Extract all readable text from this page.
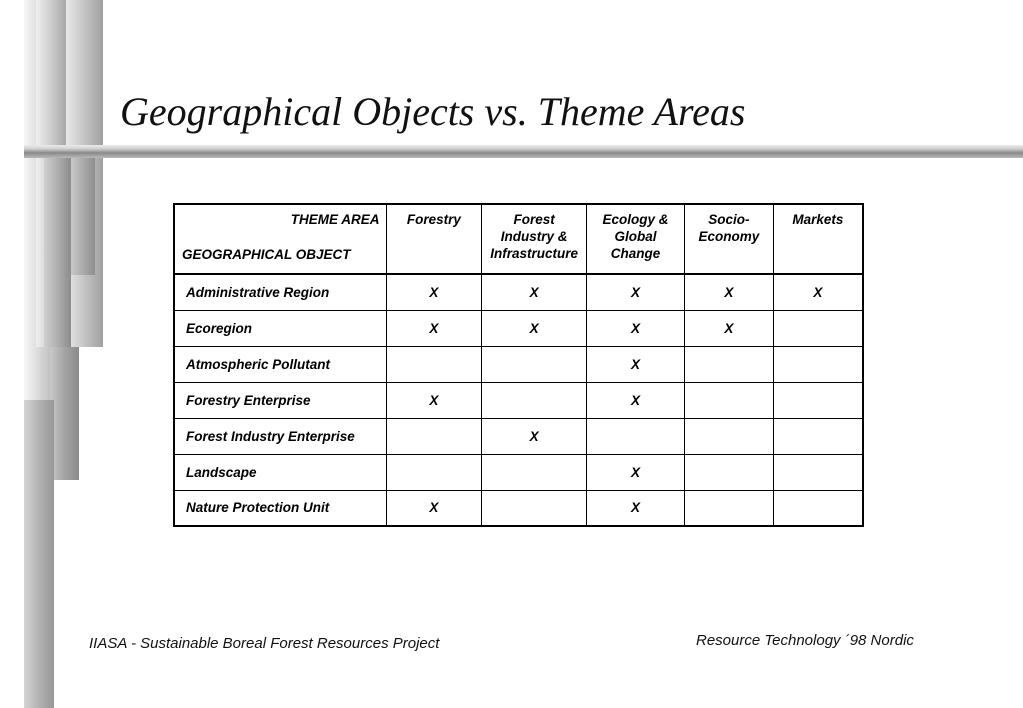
Geographical Objects vs. Theme Areas
THEME AREA
GEOGRAPHICAL OBJECT	Forestry	Forest Industry & Infrastructure	Ecology & Global Change	Socio-Economy	Markets
Administrative Region	X	X	X	X	X
Ecoregion	X	X	X	X	
Atmospheric Pollutant			X		
Forestry Enterprise	X		X		
Forest Industry Enterprise		X			
Landscape			X		
Nature Protection Unit	X		X		
IIASA - Sustainable Boreal Forest Resources Project	Resource Technology ´98 Nordic
